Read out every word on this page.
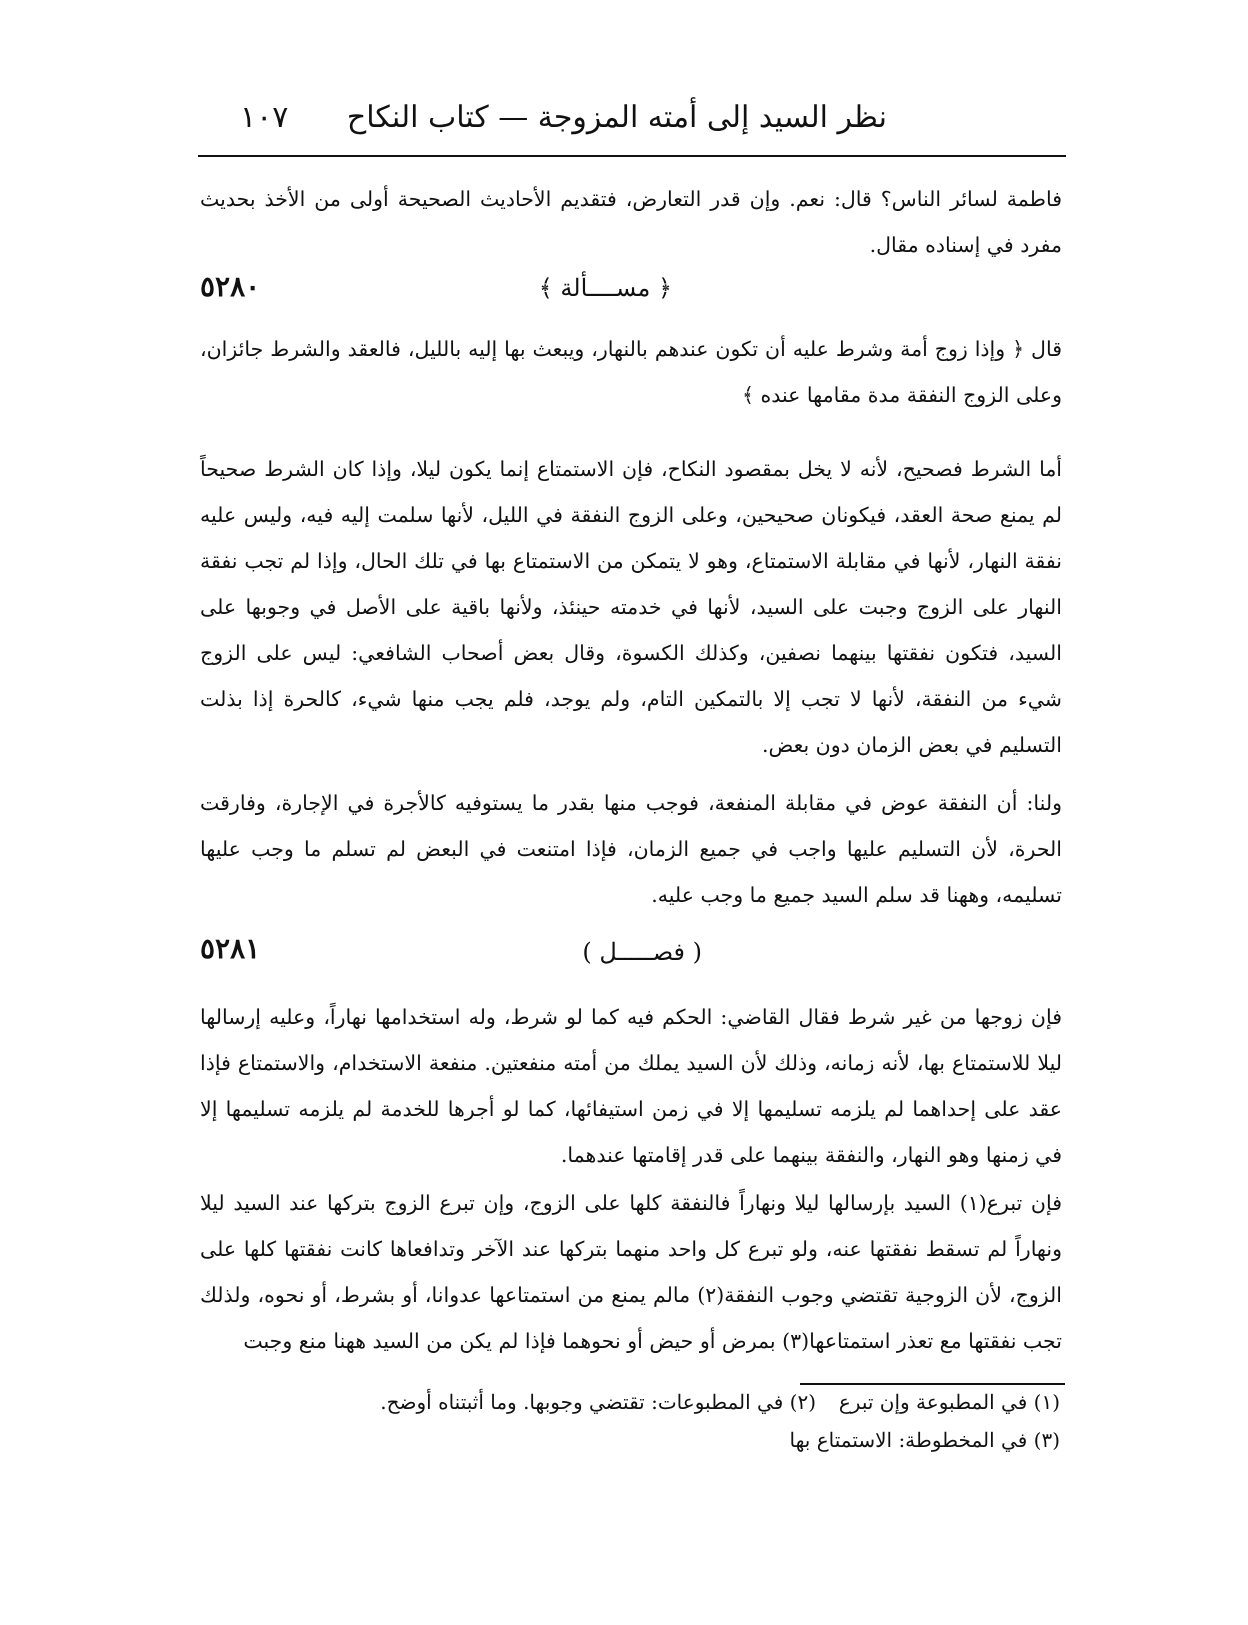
نظر السيد إلى أمته المزوجة — كتاب النكاح
١٠٧
فاطمة لسائر الناس؟ قال: نعم. وإن قدر التعارض، فتقديم الأحاديث الصحيحة أولى من الأخذ بحديث مفرد في إسناده مقال.
٥٢٨٠	﴿ مســــألة ﴾
قال ﴿ وإذا زوج أمة وشرط عليه أن تكون عندهم بالنهار، ويبعث بها إليه بالليل، فالعقد والشرط جائزان، وعلى الزوج النفقة مدة مقامها عنده ﴾
أما الشرط فصحيح، لأنه لا يخل بمقصود النكاح، فإن الاستمتاع إنما يكون ليلا، وإذا كان الشرط صحيحاً لم يمنع صحة العقد، فيكونان صحيحين، وعلى الزوج النفقة في الليل، لأنها سلمت إليه فيه، وليس عليه نفقة النهار، لأنها في مقابلة الاستمتاع، وهو لا يتمكن من الاستمتاع بها في تلك الحال، وإذا لم تجب نفقة النهار على الزوج وجبت على السيد، لأنها في خدمته حينئذ، ولأنها باقية على الأصل في وجوبها على السيد، فتكون نفقتها بينهما نصفين، وكذلك الكسوة، وقال بعض أصحاب الشافعي: ليس على الزوج شيء من النفقة، لأنها لا تجب إلا بالتمكين التام، ولم يوجد، فلم يجب منها شيء، كالحرة إذا بذلت التسليم في بعض الزمان دون بعض.
ولنا: أن النفقة عوض في مقابلة المنفعة، فوجب منها بقدر ما يستوفيه كالأجرة في الإجارة، وفارقت الحرة، لأن التسليم عليها واجب في جميع الزمان، فإذا امتنعت في البعض لم تسلم ما وجب عليها تسليمه، وههنا قد سلم السيد جميع ما وجب عليه.
٥٢٨١	( فصـــــل )
فإن زوجها من غير شرط فقال القاضي: الحكم فيه كما لو شرط، وله استخدامها نهاراً، وعليه إرسالها ليلا للاستمتاع بها، لأنه زمانه، وذلك لأن السيد يملك من أمته منفعتين. منفعة الاستخدام، والاستمتاع فإذا عقد على إحداهما لم يلزمه تسليمها إلا في زمن استيفائها، كما لو أجرها للخدمة لم يلزمه تسليمها إلا في زمنها وهو النهار، والنفقة بينهما على قدر إقامتها عندهما.
فإن تبرع(١) السيد بإرسالها ليلا ونهاراً فالنفقة كلها على الزوج، وإن تبرع الزوج بتركها عند السيد ليلا ونهاراً لم تسقط نفقتها عنه، ولو تبرع كل واحد منهما بتركها عند الآخر وتدافعاها كانت نفقتها كلها على الزوج، لأن الزوجية تقتضي وجوب النفقة(٢) مالم يمنع من استمتاعها عدوانا، أو بشرط، أو نحوه، ولذلك تجب نفقتها مع تعذر استمتاعها(٣) بمرض أو حيض أو نحوهما فإذا لم يكن من السيد ههنا منع وجبت
(١) في المطبوعة وإن تبرع
(٢) في المطبوعات: تقتضي وجوبها. وما أثبتناه أوضح.
(٣) في المخطوطة: الاستمتاع بها
